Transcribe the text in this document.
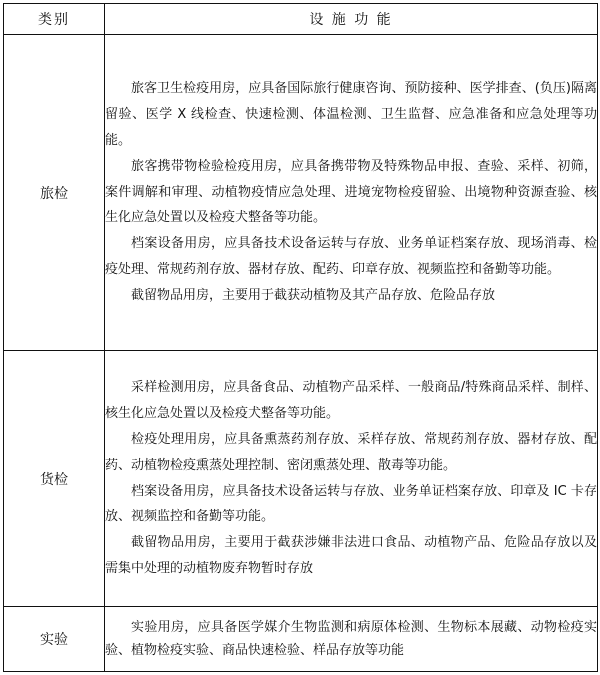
类别	设 施 功 能
旅检	旅客卫生检疫用房，应具备国际旅行健康咨询、预防接种、医学排查、(负压)隔离留验、医学 X 线检查、快速检测、体温检测、卫生监督、应急准备和应急处理等功能。

旅客携带物检验检疫用房，应具备携带物及特殊物品申报、查验、采样、初筛，案件调解和审理、动植物疫情应急处理、进境宠物检疫留验、出境物种资源查验、核生化应急处置以及检疫犬整备等功能。

档案设备用房，应具备技术设备运转与存放、业务单证档案存放、现场消毒、检疫处理、常规药剂存放、器材存放、配药、印章存放、视频监控和备勤等功能。

截留物品用房，主要用于截获动植物及其产品存放、危险品存放

货检	采样检测用房，应具备食品、动植物产品采样、一般商品/特殊商品采样、制样、核生化应急处置以及检疫犬整备等功能。

检疫处理用房，应具备熏蒸药剂存放、采样存放、常规药剂存放、器材存放、配药、动植物检疫熏蒸处理控制、密闭熏蒸处理、散毒等功能。

档案设备用房，应具备技术设备运转与存放、业务单证档案存放、印章及 IC 卡存放、视频监控和备勤等功能。

截留物品用房，主要用于截获涉嫌非法进口食品、动植物产品、危险品存放以及需集中处理的动植物废弃物暂时存放

实验	实验用房，应具备医学媒介生物监测和病原体检测、生物标本展藏、动物检疫实验、植物检疫实验、商品快速检验、样品存放等功能
